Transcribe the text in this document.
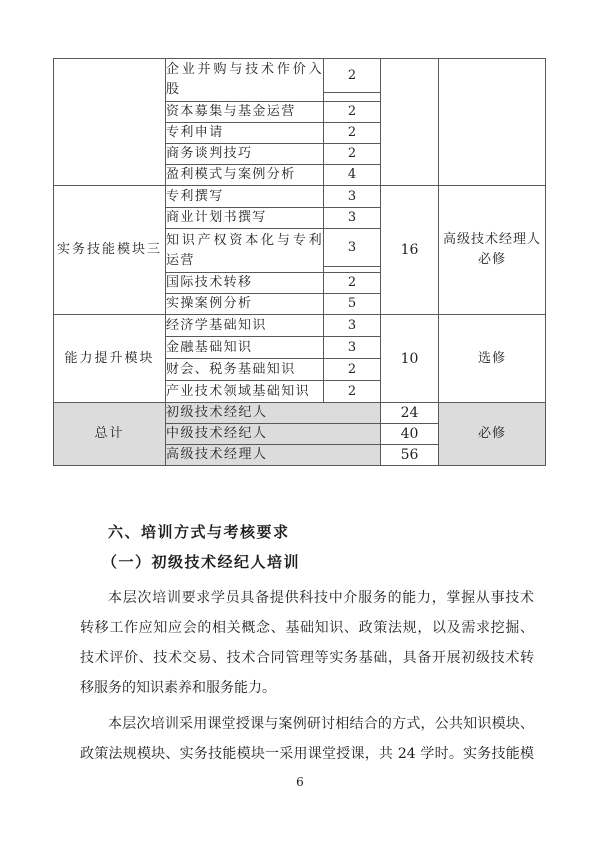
	企业并购与技术作价入股	2		

	资本募集与基金运营	2		
	专利申请	2		
	商务谈判技巧	2		
	盈利模式与案例分析	4		
实务技能模块三	专利撰写	3	16	高级技术经理人必修
	商业计划书撰写	3		
	知识产权资本化与专利运营	3		

	国际技术转移	2		
	实操案例分析	5		
能力提升模块	经济学基础知识	3	10	选修
	金融基础知识	3		
	财会、税务基础知识	2		
	产业技术领域基础知识	2		
总计	初级技术经纪人		24	必修
	中级技术经纪人		40	
	高级技术经理人		56	
六、培训方式与考核要求
（一）初级技术经纪人培训
本层次培训要求学员具备提供科技中介服务的能力，掌握从事技术
转移工作应知应会的相关概念、基础知识、政策法规，以及需求挖掘、
技术评价、技术交易、技术合同管理等实务基础，具备开展初级技术转
移服务的知识素养和服务能力。
本层次培训采用课堂授课与案例研讨相结合的方式，公共知识模块、
政策法规模块、实务技能模块一采用课堂授课，共 24 学时。实务技能模
6
